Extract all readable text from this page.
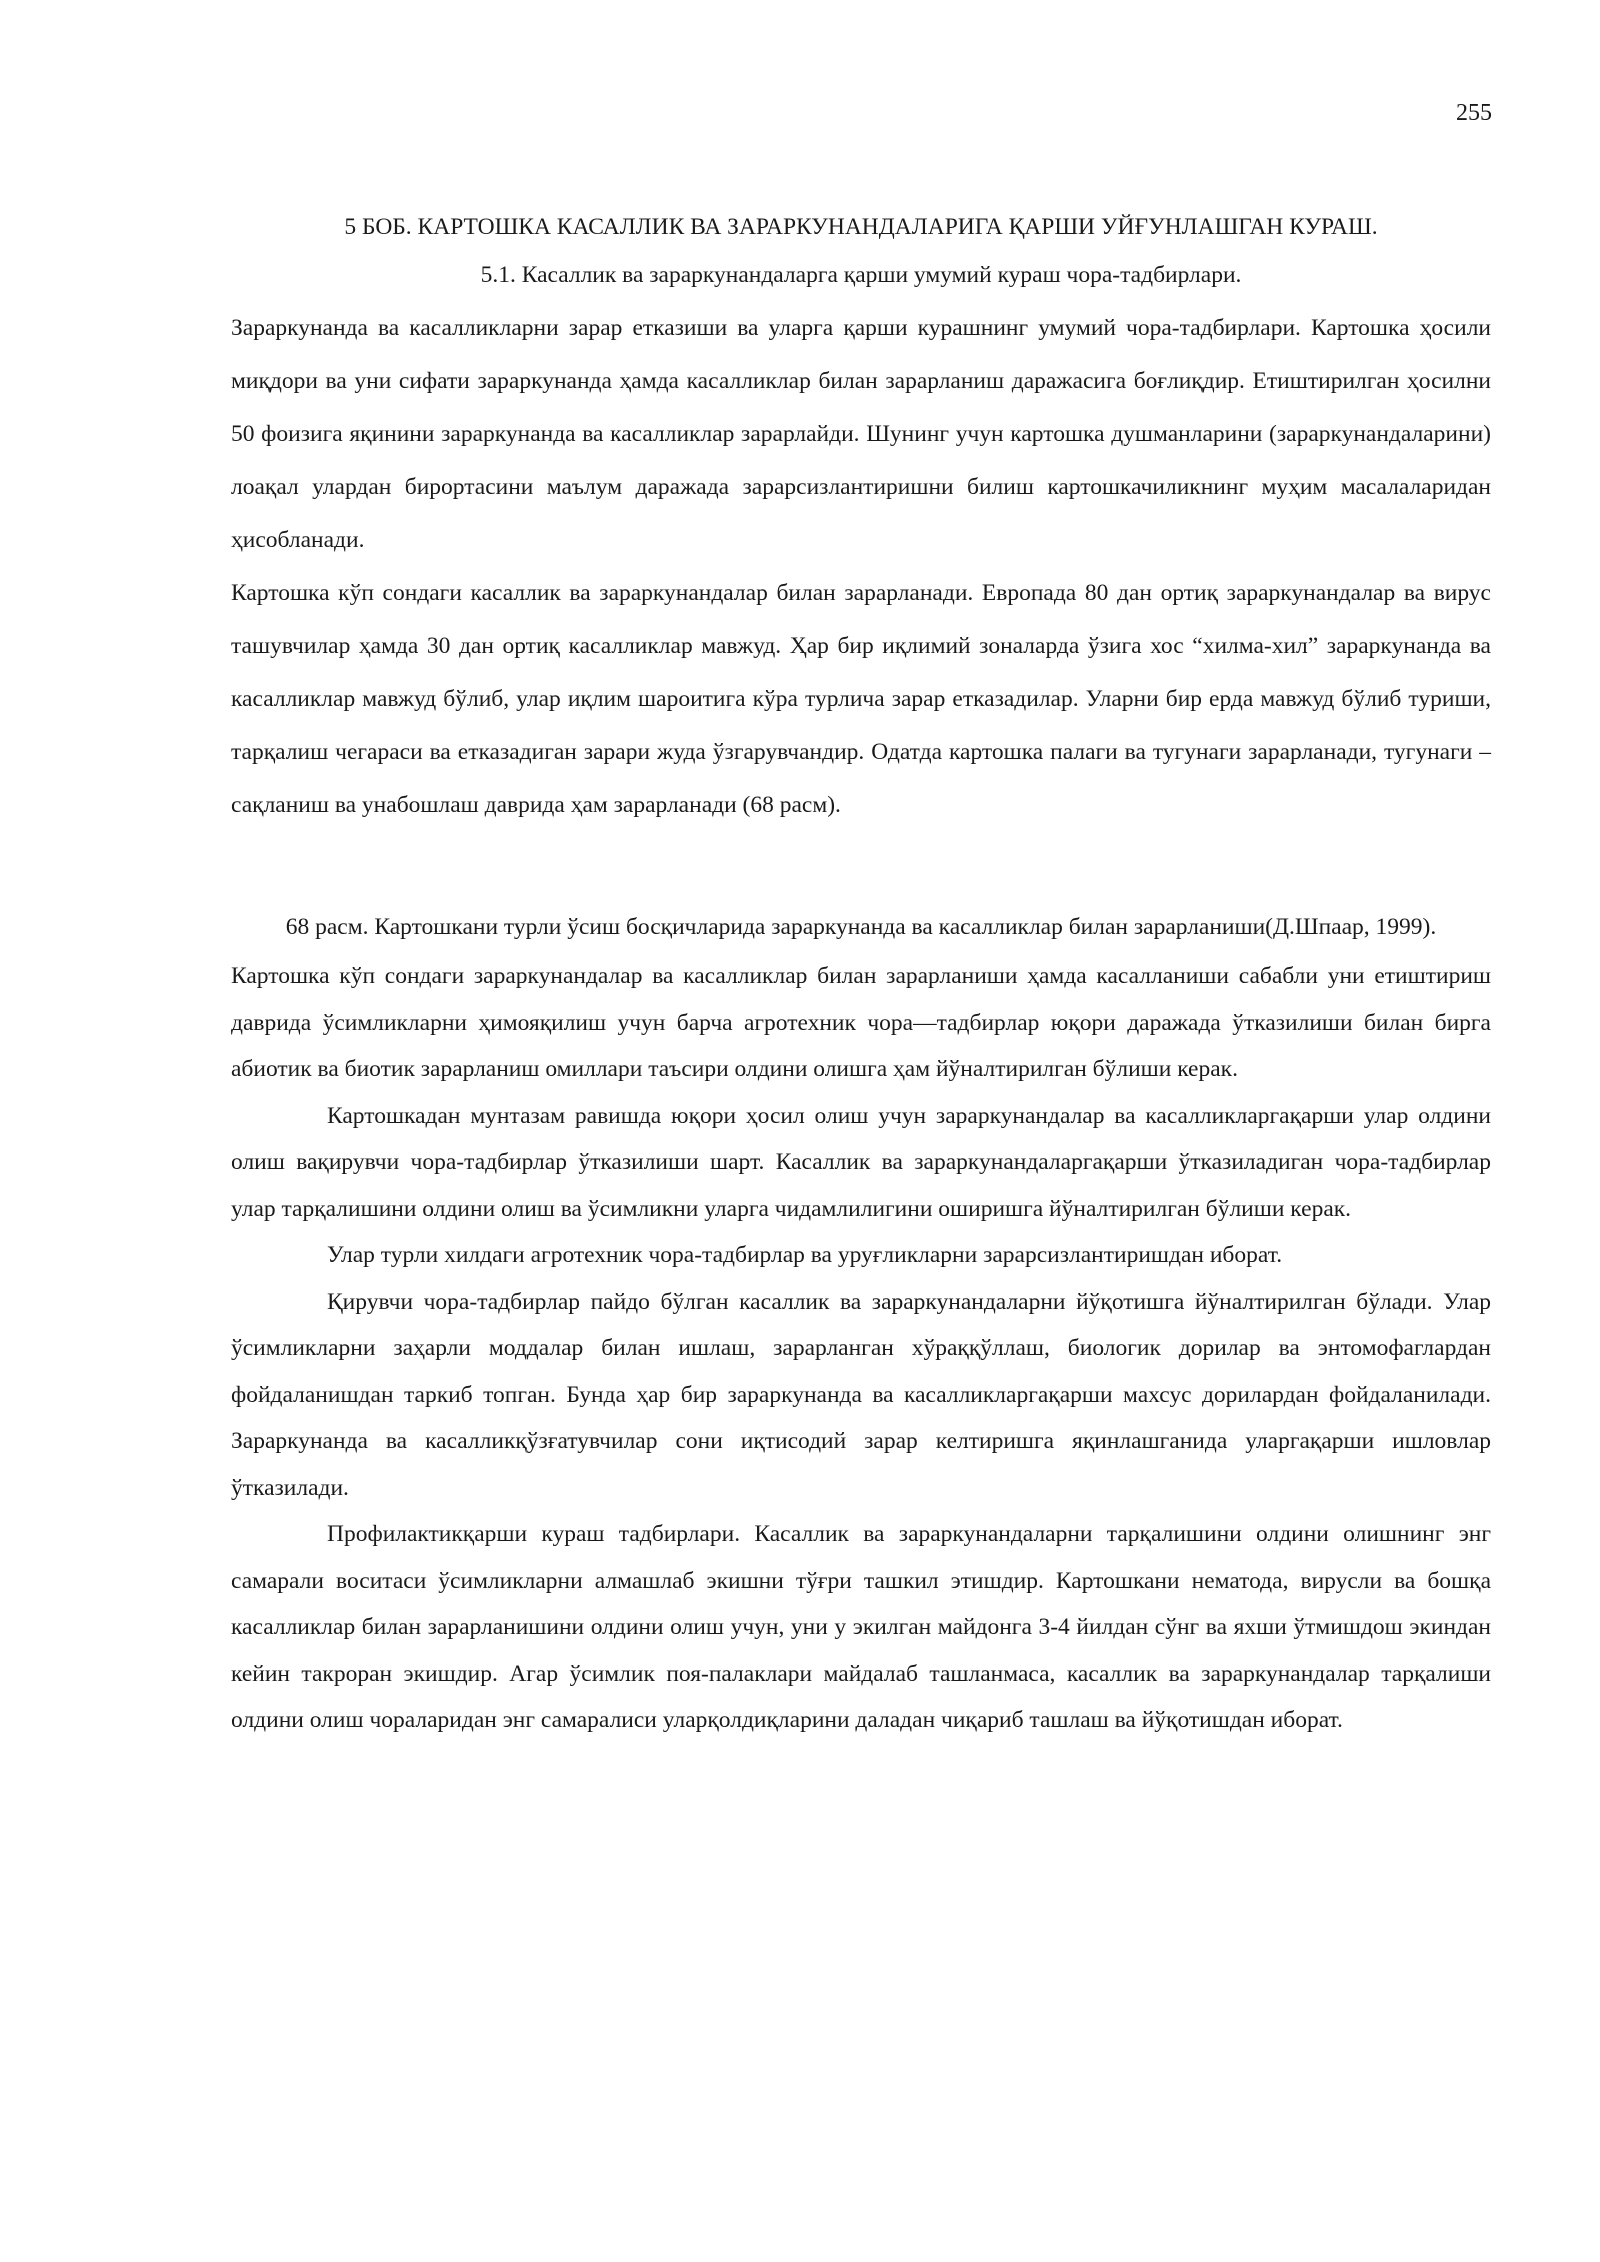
255
5 БОБ. КАРТОШКА КАСАЛЛИК ВА ЗАРАРКУНАНДАЛАРИГА ҚАРШИ УЙҒУНЛАШГАН КУРАШ.
5.1. Касаллик ва зараркунандаларга қарши умумий кураш чора-тадбирлари.

Зараркунанда ва касалликларни зарар етказиши ва уларга қарши курашнинг умумий чора-тадбирлари. Картошка ҳосили миқдори ва уни сифати зараркунанда ҳамда касалликлар билан зарарланиш даражасига боғлиқдир. Етиштирилган ҳосилни 50 фоизига яқинини зараркунанда ва касалликлар зарарлайди. Шунинг учун картошка душманларини (зараркунандаларини) лоақал улардан бирортасини маълум даражада зарарсизлантиришни билиш картошкачиликнинг муҳим масалаларидан ҳисобланади.

Картошка кўп сондаги касаллик ва зараркунандалар билан зарарланади. Европада 80 дан ортиқ зараркунандалар ва вирус ташувчилар ҳамда 30 дан ортиқ касалликлар мавжуд. Ҳар бир иқлимий зоналарда ўзига хос “хилма-хил” зараркунанда ва касалликлар мавжуд бўлиб, улар иқлим шароитига кўра турлича зарар етказадилар. Уларни бир ерда мавжуд бўлиб туриши, тарқалиш чегараси ва етказадиган зарари жуда ўзгарувчандир. Одатда картошка палаги ва тугунаги зарарланади, тугунаги – сақланиш ва унабошлаш даврида ҳам зарарланади (68 расм).

68 расм. Картошкани турли ўсиш босқичларида зараркунанда ва касалликлар билан зарарланиши(Д.Шпаар, 1999).

Картошка кўп сондаги зараркунандалар ва касалликлар билан зарарланиши ҳамда касалланиши сабабли уни етиштириш даврида ўсимликларни ҳимояқилиш учун барча агротехник чора—тадбирлар юқори даражада ўтказилиши билан бирга абиотик ва биотик зарарланиш омиллари таъсири олдини олишга ҳам йўналтирилган бўлиши керак.

Картошкадан мунтазам равишда юқори ҳосил олиш учун зараркунандалар ва касалликларгақарши улар олдини олиш вақирувчи чора-тадбирлар ўтказилиши шарт. Касаллик ва зараркунандаларгақарши ўтказиладиган чора-тадбирлар улар тарқалишини олдини олиш ва ўсимликни уларга чидамлилигини оширишга йўналтирилган бўлиши керак.

Улар турли хилдаги агротехник чора-тадбирлар ва уруғликларни зарарсизлантиришдан иборат.

Қирувчи чора-тадбирлар пайдо бўлган касаллик ва зараркунандаларни йўқотишга йўналтирилган бўлади. Улар ўсимликларни заҳарли моддалар билан ишлаш, зарарланган хўраққўллаш, биологик дорилар ва энтомофаглардан фойдаланишдан таркиб топган. Бунда ҳар бир зараркунанда ва касалликларгақарши махсус дорилардан фойдаланилади. Зараркунанда ва касалликқўзғатувчилар сони иқтисодий зарар келтиришга яқинлашганида уларгақарши ишловлар ўтказилади.

Профилактикқарши кураш тадбирлари. Касаллик ва зараркунандаларни тарқалишини олдини олишнинг энг самарали воситаси ўсимликларни алмашлаб экишни тўғри ташкил этишдир. Картошкани нематода, вирусли ва бошқа касалликлар билан зарарланишини олдини олиш учун, уни у экилган майдонга 3-4 йилдан сўнг ва яхши ўтмишдош экиндан кейин такроран экишдир. Агар ўсимлик поя-палаклари майдалаб ташланмаса, касаллик ва зараркунандалар тарқалиши олдини олиш чораларидан энг самаралиси уларқолдиқларини даладан чиқариб ташлаш ва йўқотишдан иборат.
